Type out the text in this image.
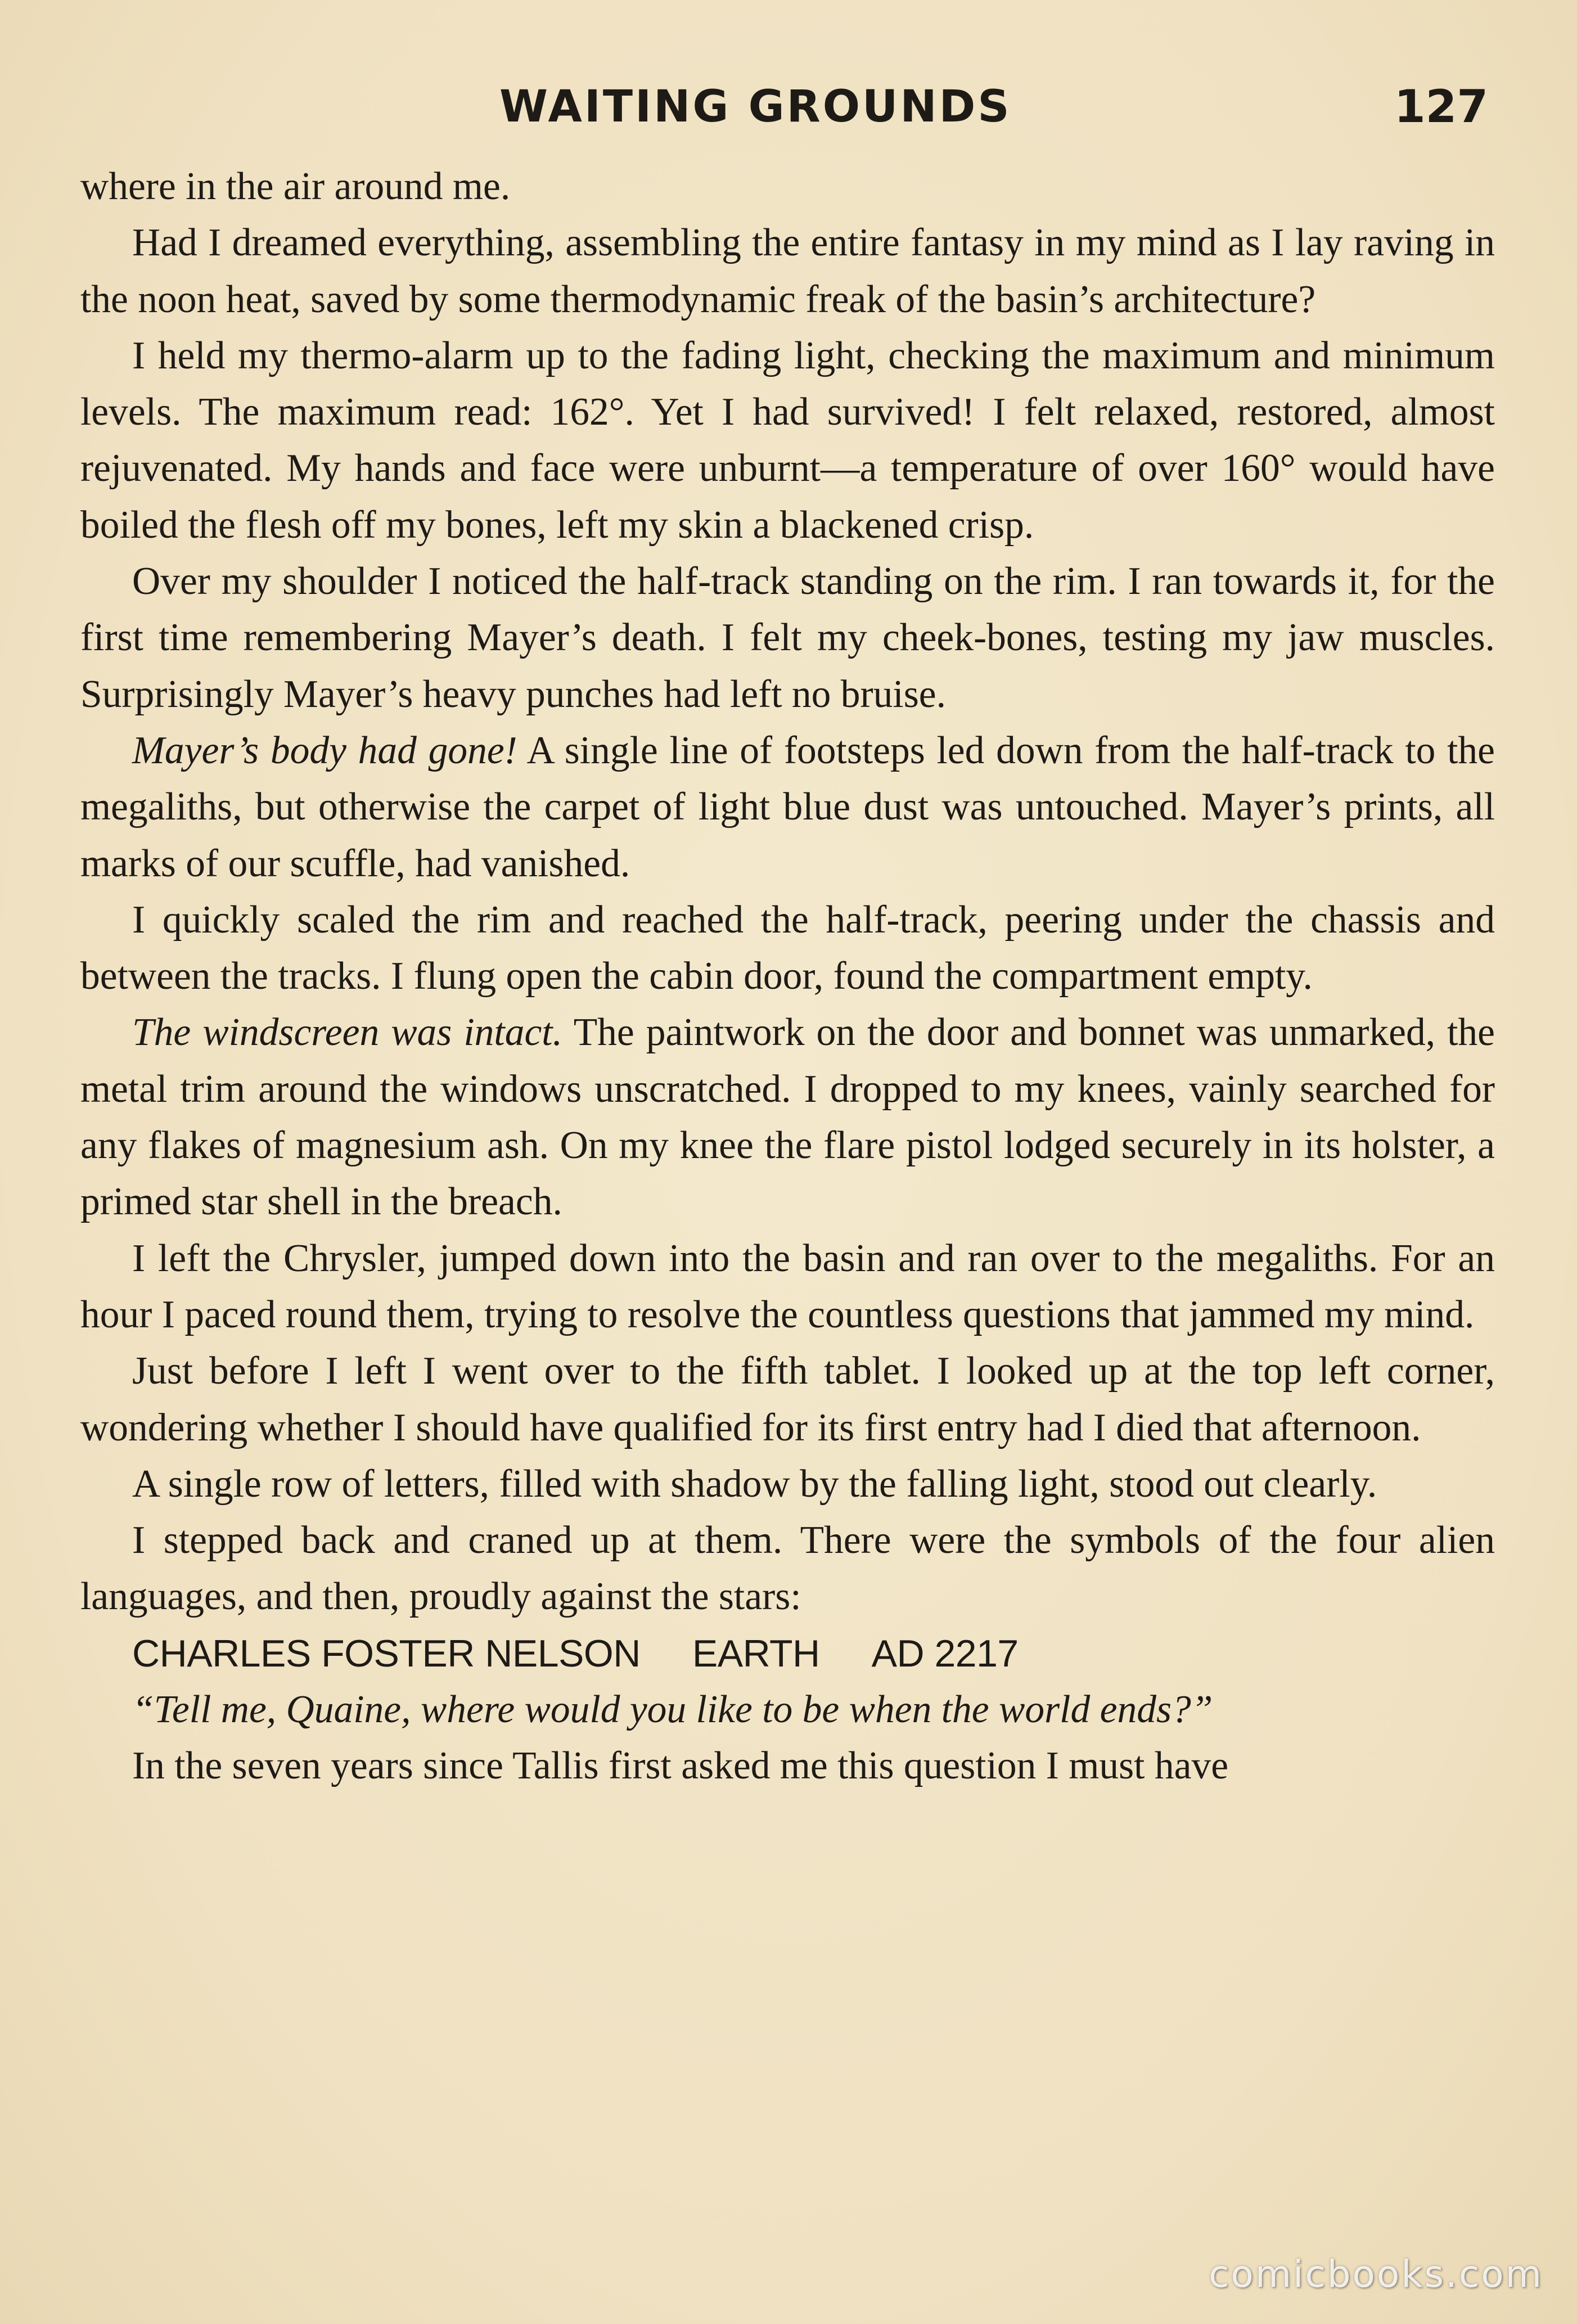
WAITING GROUNDS	127

where in the air around me.

Had I dreamed everything, assembling the entire fantasy in my mind as I lay raving in the noon heat, saved by some thermodynamic freak of the basin’s architecture?

I held my thermo-alarm up to the fading light, checking the maximum and minimum levels. The maximum read: 162°. Yet I had survived! I felt relaxed, restored, almost rejuvenated. My hands and face were unburnt—a temperature of over 160° would have boiled the flesh off my bones, left my skin a blackened crisp.

Over my shoulder I noticed the half-track standing on the rim. I ran towards it, for the first time remembering Mayer’s death. I felt my cheek-bones, testing my jaw muscles. Surprisingly Mayer’s heavy punches had left no bruise.

Mayer’s body had gone! A single line of footsteps led down from the half-track to the megaliths, but otherwise the carpet of light blue dust was untouched. Mayer’s prints, all marks of our scuffle, had vanished.

I quickly scaled the rim and reached the half-track, peering under the chassis and between the tracks. I flung open the cabin door, found the compartment empty.

The windscreen was intact. The paintwork on the door and bonnet was unmarked, the metal trim around the windows unscratched. I dropped to my knees, vainly searched for any flakes of magnesium ash. On my knee the flare pistol lodged securely in its holster, a primed star shell in the breach.

I left the Chrysler, jumped down into the basin and ran over to the megaliths. For an hour I paced round them, trying to resolve the countless questions that jammed my mind.

Just before I left I went over to the fifth tablet. I looked up at the top left corner, wondering whether I should have qualified for its first entry had I died that afternoon.

A single row of letters, filled with shadow by the falling light, stood out clearly.

I stepped back and craned up at them. There were the symbols of the four alien languages, and then, proudly against the stars:

CHARLES FOSTER NELSON EARTH AD 2217

“Tell me, Quaine, where would you like to be when the world ends?”

In the seven years since Tallis first asked me this question I must have

comicbooks.com
